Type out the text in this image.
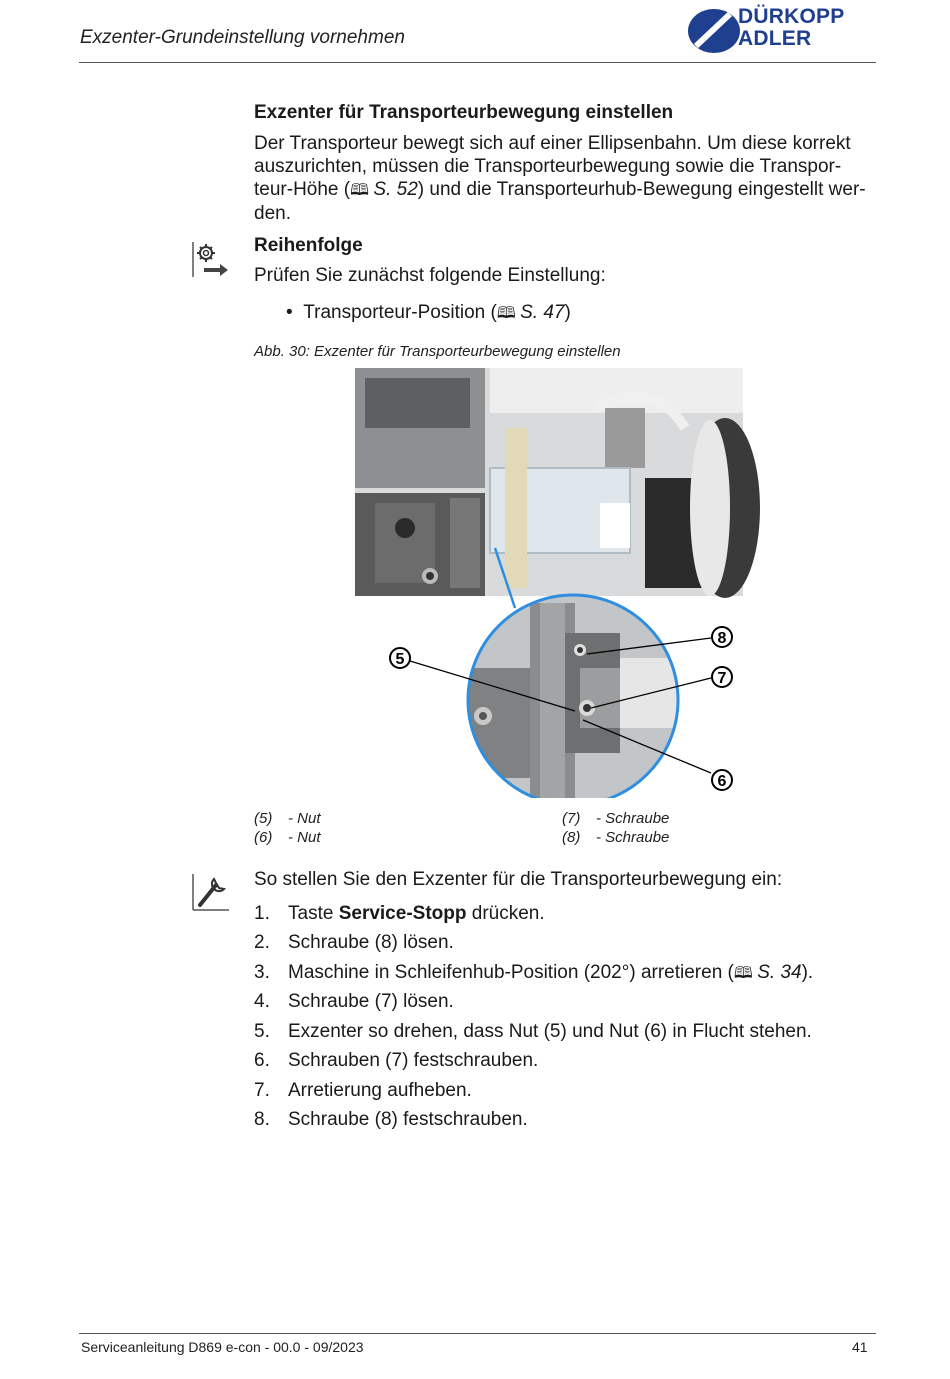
Exzenter-Grundeinstellung vornehmen
DÜRKOPP
ADLER
Exzenter für Transporteurbewegung einstellen
Der Transporteur bewegt sich auf einer Ellipsenbahn. Um diese korrekt
auszurichten, müssen die Transporteurbewegung sowie die Transpor-
teur-Höhe (🕮 S. 52) und die Transporteurhub-Bewegung eingestellt wer-
den.
Reihenfolge
Prüfen Sie zunächst folgende Einstellung:
•  Transporteur-Position (🕮 S. 47)
Abb. 30: Exzenter für Transporteurbewegung einstellen
5
8
7
6
(5) - Nut
(6) - Nut
(7) - Schraube
(8) - Schraube
So stellen Sie den Exzenter für die Transporteurbewegung ein:
1. Taste Service-Stopp drücken.
2. Schraube (8) lösen.
3. Maschine in Schleifenhub-Position (202°) arretieren (🕮 S. 34).
4. Schraube (7) lösen.
5. Exzenter so drehen, dass Nut (5) und Nut (6) in Flucht stehen.
6. Schrauben (7) festschrauben.
7. Arretierung aufheben.
8. Schraube (8) festschrauben.
Serviceanleitung D869 e-con - 00.0 - 09/2023	41
